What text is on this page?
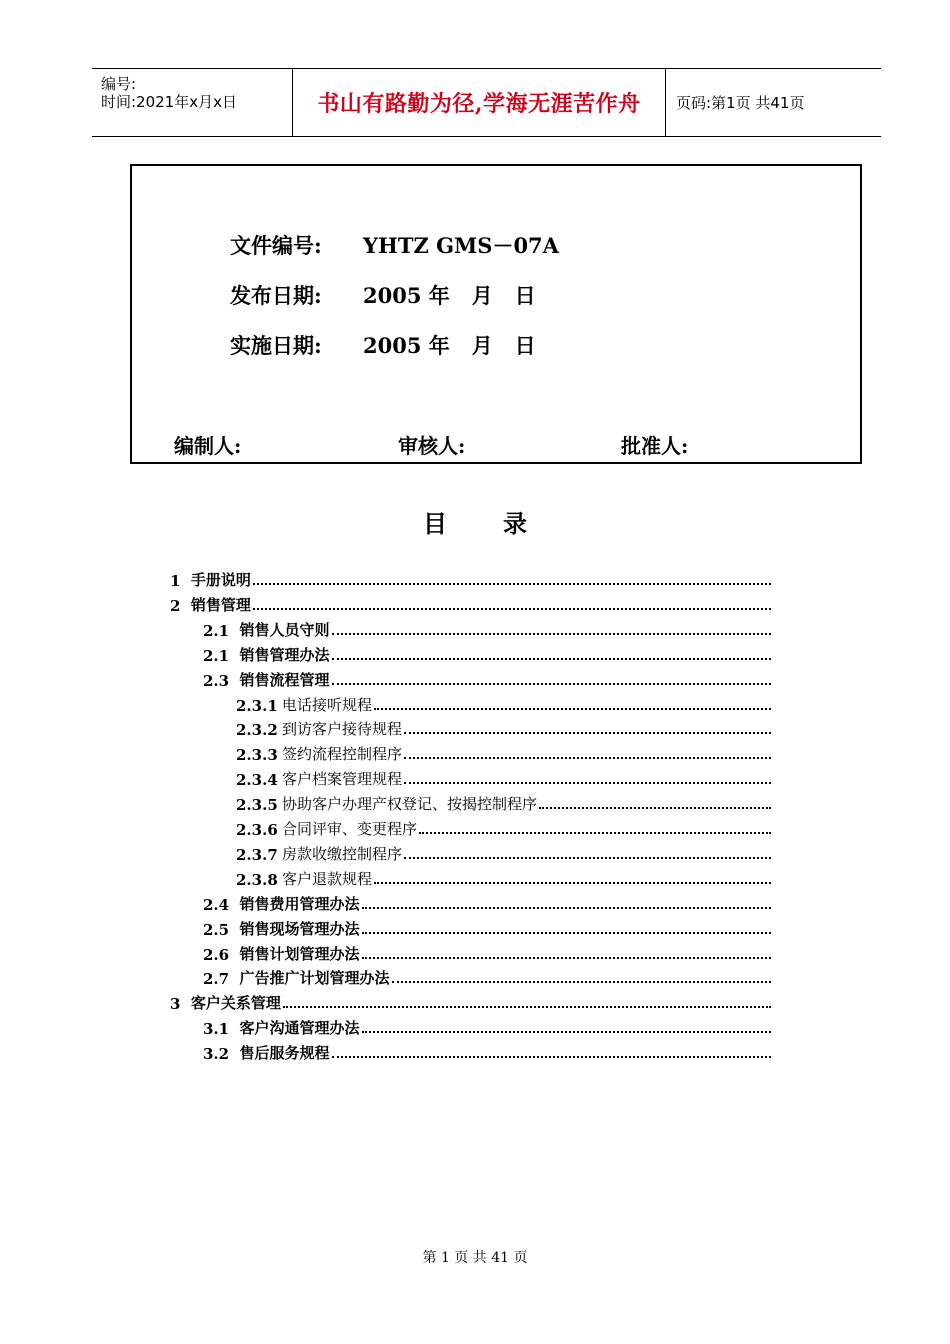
编号:
时间:2021年x月x日	书山有路勤为径,学海无涯苦作舟	页码:第1页 共41页
文件编号:	YHTZ GMS－07A
发布日期:	2005 年   月   日
实施日期:	2005 年   月   日
编制人:	审核人:	批准人:
目录
1 手册说明
2 销售管理
2.1 销售人员守则
2.1 销售管理办法
2.3 销售流程管理
2.3.1 电话接听规程
2.3.2 到访客户接待规程
2.3.3 签约流程控制程序
2.3.4 客户档案管理规程
2.3.5 协助客户办理产权登记、按揭控制程序
2.3.6 合同评审、变更程序
2.3.7 房款收缴控制程序
2.3.8 客户退款规程
2.4 销售费用管理办法
2.5 销售现场管理办法
2.6 销售计划管理办法
2.7 广告推广计划管理办法
3 客户关系管理
3.1 客户沟通管理办法
3.2 售后服务规程
第 1 页 共 41 页
